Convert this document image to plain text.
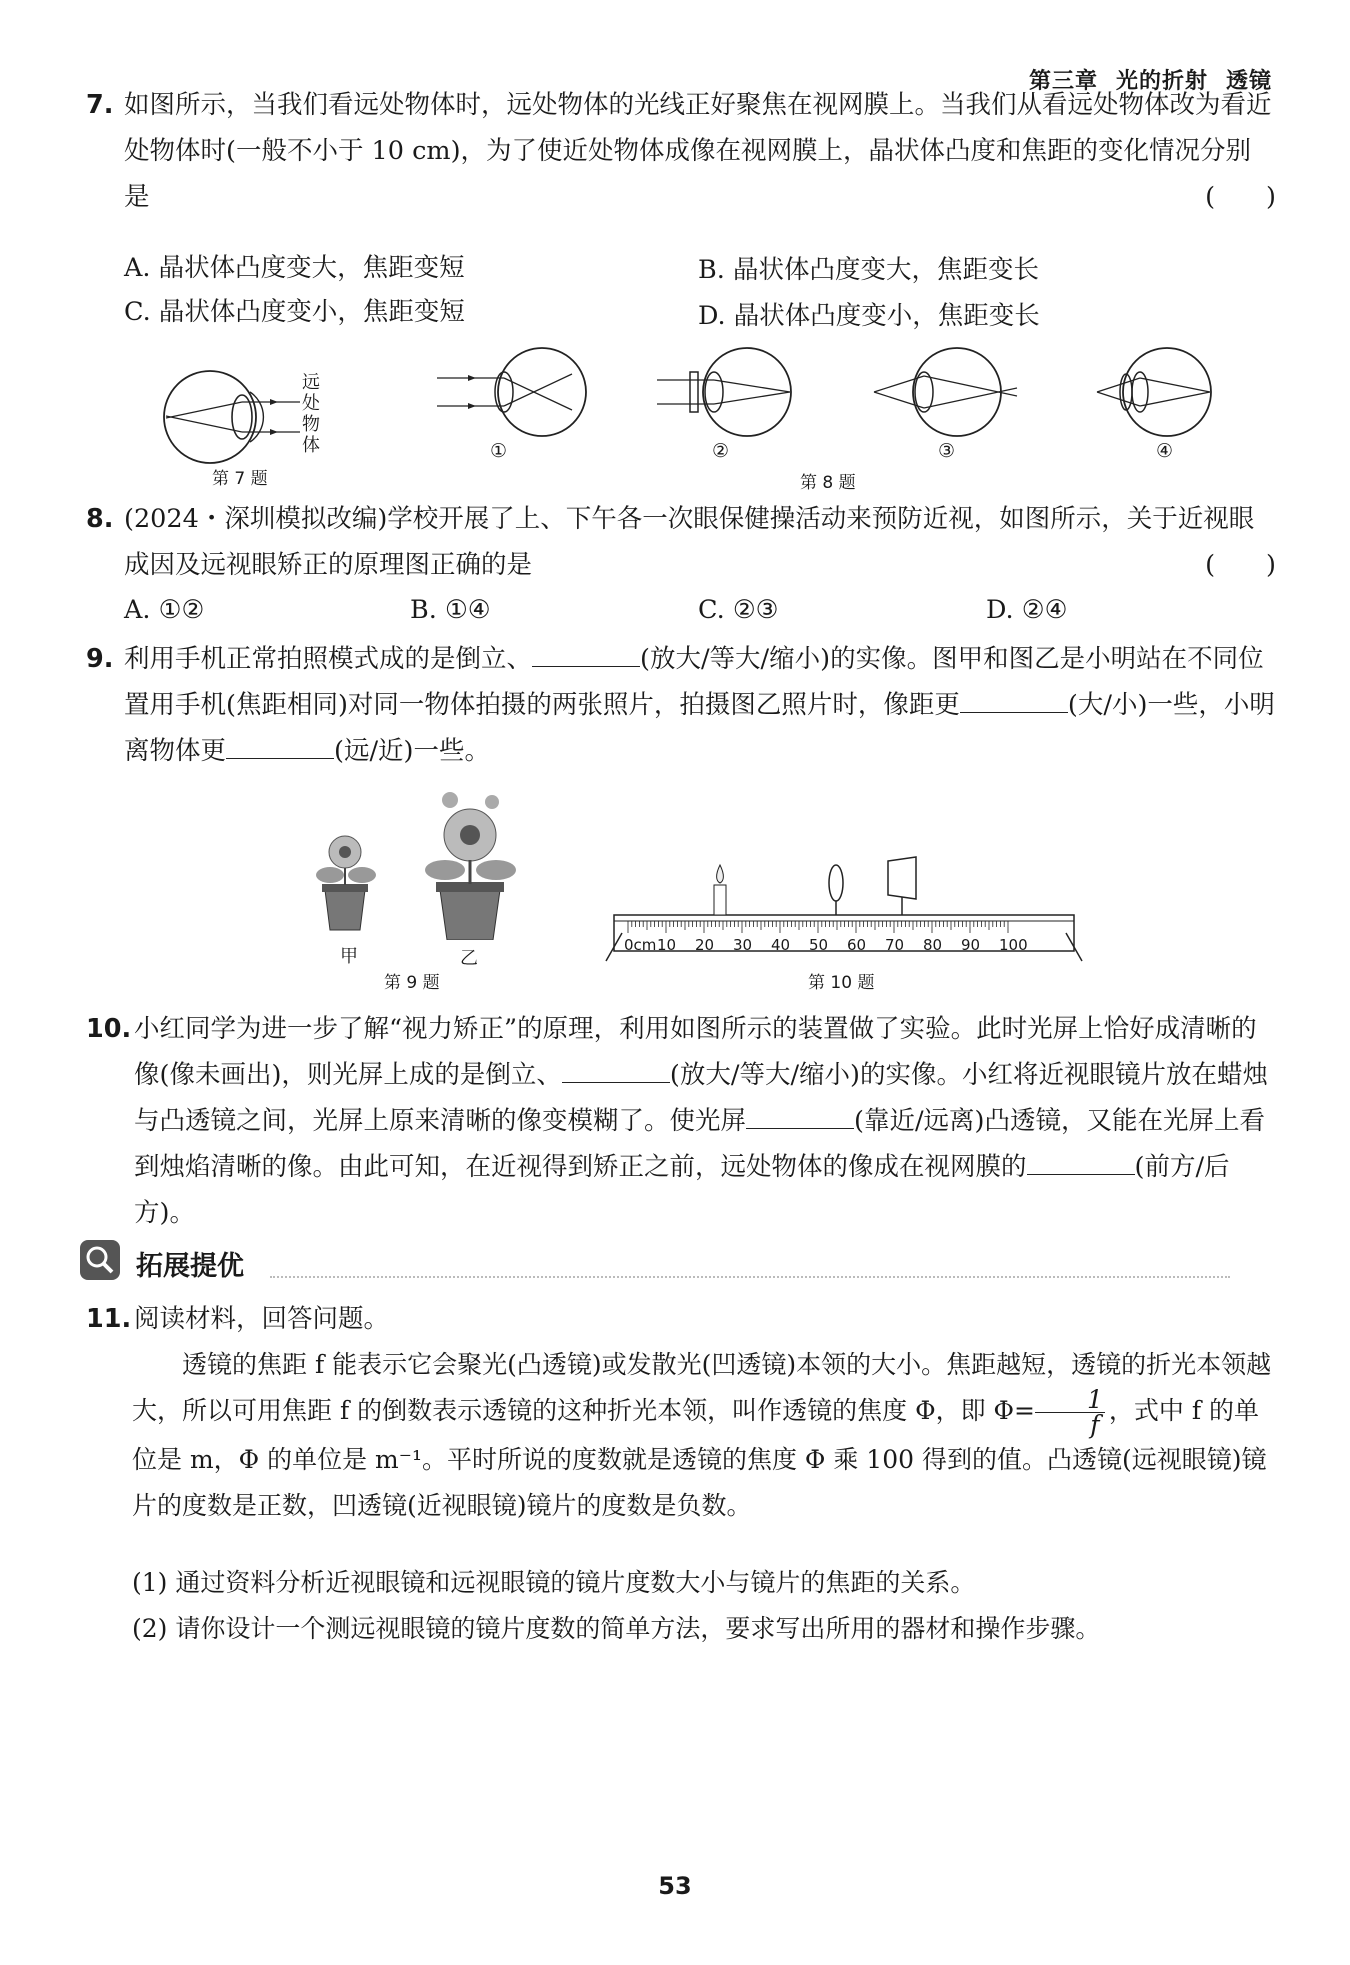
第三章 光的折射 透镜
7. 如图所示，当我们看远处物体时，远处物体的光线正好聚焦在视网膜上。当我们从看远处物体改为看近处物体时(一般不小于 10 cm)，为了使近处物体成像在视网膜上，晶状体凸度和焦距的变化情况分别是	(　　)
A. 晶状体凸度变大，焦距变短	B. 晶状体凸度变大，焦距变长
C. 晶状体凸度变小，焦距变短	D. 晶状体凸度变小，焦距变长
远处物体
第 7 题
①	②	③	④
第 8 题
8. (2024・深圳模拟改编)学校开展了上、下午各一次眼保健操活动来预防近视，如图所示，关于近视眼成因及远视眼矫正的原理图正确的是	(　　)
A. ①②	B. ①④	C. ②③	D. ②④
9. 利用手机正常拍照模式成的是倒立、	(放大/等大/缩小)的实像。图甲和图乙是小明站在不同位置用手机(焦距相同)对同一物体拍摄的两张照片，拍摄图乙照片时，像距更	(大/小)一些，小明离物体更	(远/近)一些。
甲	乙
第 9 题
0cm 10 20 30 40 50 60 70 80 90 100
第 10 题
10. 小红同学为进一步了解“视力矫正”的原理，利用如图所示的装置做了实验。此时光屏上恰好成清晰的像(像未画出)，则光屏上成的是倒立、	(放大/等大/缩小)的实像。小红将近视眼镜片放在蜡烛与凸透镜之间，光屏上原来清晰的像变模糊了。使光屏	(靠近/远离)凸透镜，又能在光屏上看到烛焰清晰的像。由此可知，在近视得到矫正之前，远处物体的像成在视网膜的	(前方/后方)。
拓展提优
11. 阅读材料，回答问题。
透镜的焦距 f 能表示它会聚光(凸透镜)或发散光(凹透镜)本领的大小。焦距越短，透镜的折光本领越大，所以可用焦距 f 的倒数表示透镜的这种折光本领，叫作透镜的焦度 Φ，即 $\Phi= \frac{1}{f}$ ，式中 f 的单位是 m，Φ 的单位是 m⁻¹。平时所说的度数就是透镜的焦度 Φ 乘 100 得到的值。凸透镜(远视眼镜)镜片的度数是正数，凹透镜(近视眼镜)镜片的度数是负数。
(1) 通过资料分析近视眼镜和远视眼镜的镜片度数大小与镜片的焦距的关系。
(2) 请你设计一个测远视眼镜的镜片度数的简单方法，要求写出所用的器材和操作步骤。
53
